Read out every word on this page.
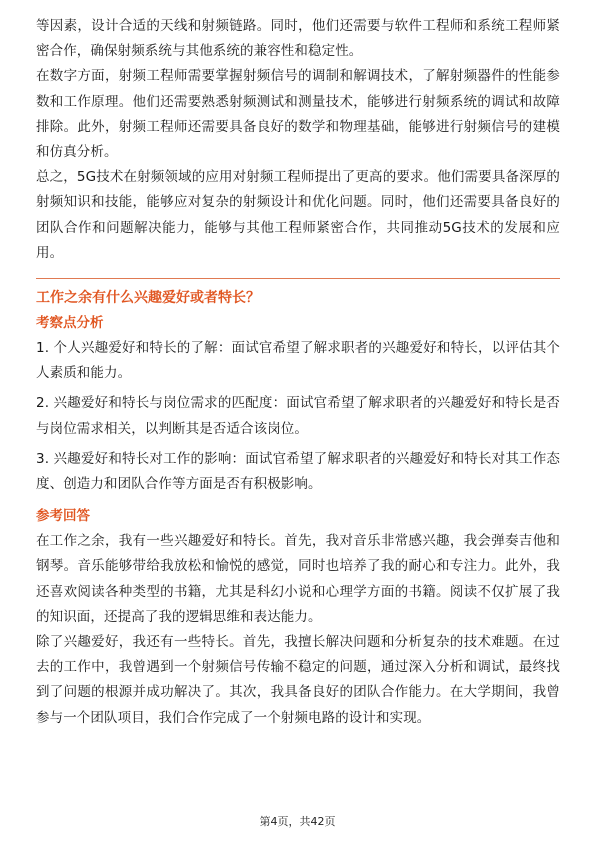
等因素，设计合适的天线和射频链路。同时，他们还需要与软件工程师和系统工程师紧密合作，确保射频系统与其他系统的兼容性和稳定性。

在数字方面，射频工程师需要掌握射频信号的调制和解调技术，了解射频器件的性能参数和工作原理。他们还需要熟悉射频测试和测量技术，能够进行射频系统的调试和故障排除。此外，射频工程师还需要具备良好的数学和物理基础，能够进行射频信号的建模和仿真分析。

总之，5G技术在射频领域的应用对射频工程师提出了更高的要求。他们需要具备深厚的射频知识和技能，能够应对复杂的射频设计和优化问题。同时，他们还需要具备良好的团队合作和问题解决能力，能够与其他工程师紧密合作，共同推动5G技术的发展和应用。

工作之余有什么兴趣爱好或者特长？
考察点分析

1. 个人兴趣爱好和特长的了解：面试官希望了解求职者的兴趣爱好和特长，以评估其个人素质和能力。

2. 兴趣爱好和特长与岗位需求的匹配度：面试官希望了解求职者的兴趣爱好和特长是否与岗位需求相关，以判断其是否适合该岗位。

3. 兴趣爱好和特长对工作的影响：面试官希望了解求职者的兴趣爱好和特长对其工作态度、创造力和团队合作等方面是否有积极影响。

参考回答

在工作之余，我有一些兴趣爱好和特长。首先，我对音乐非常感兴趣，我会弹奏吉他和钢琴。音乐能够带给我放松和愉悦的感觉，同时也培养了我的耐心和专注力。此外，我还喜欢阅读各种类型的书籍，尤其是科幻小说和心理学方面的书籍。阅读不仅扩展了我的知识面，还提高了我的逻辑思维和表达能力。

除了兴趣爱好，我还有一些特长。首先，我擅长解决问题和分析复杂的技术难题。在过去的工作中，我曾遇到一个射频信号传输不稳定的问题，通过深入分析和调试，最终找到了问题的根源并成功解决了。其次，我具备良好的团队合作能力。在大学期间，我曾参与一个团队项目，我们合作完成了一个射频电路的设计和实现。

第4页，共42页
